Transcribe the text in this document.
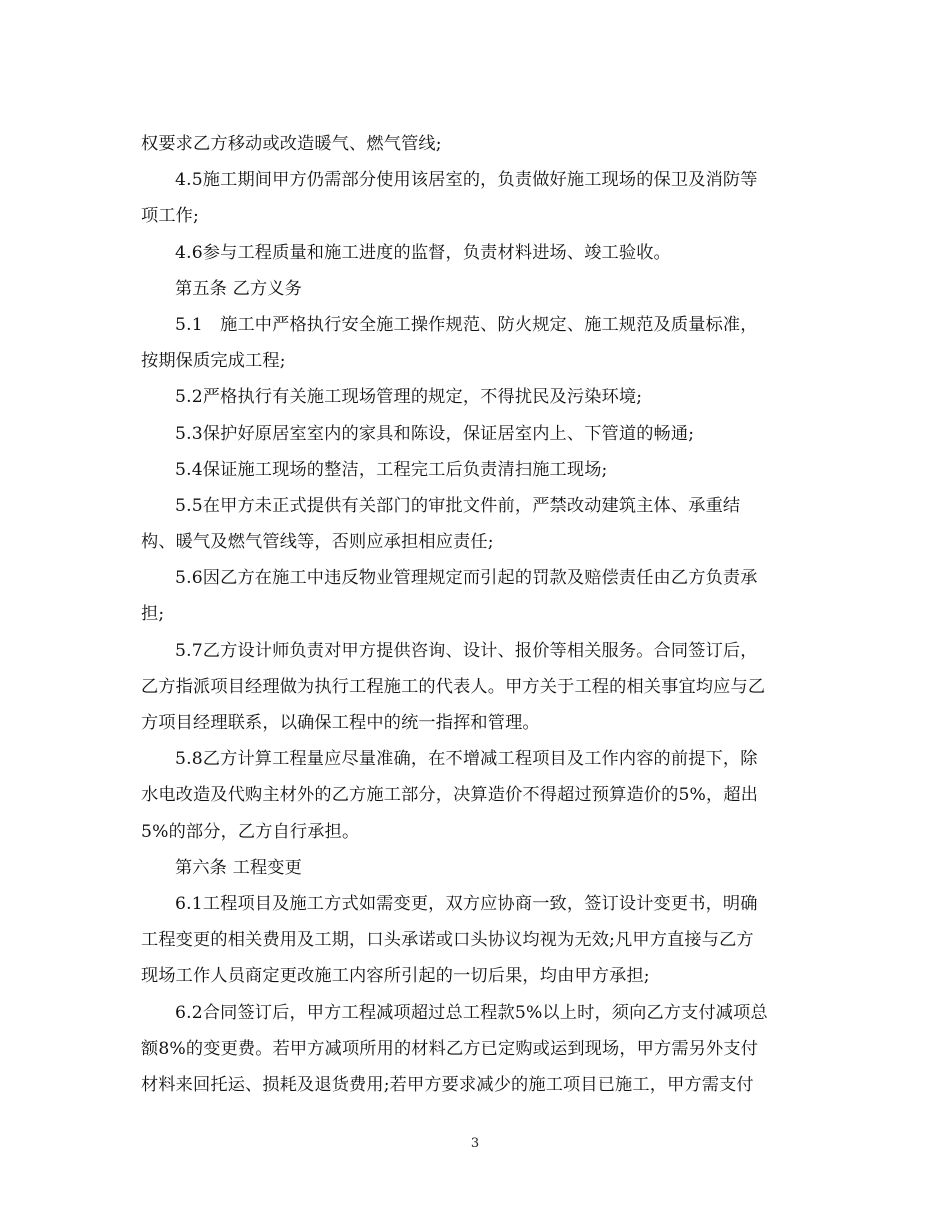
权要求乙方移动或改造暖气、燃气管线;
4.5施工期间甲方仍需部分使用该居室的，负责做好施工现场的保卫及消防等
项工作;
4.6参与工程质量和施工进度的监督，负责材料进场、竣工验收。
第五条 乙方义务
5.1　施工中严格执行安全施工操作规范、防火规定、施工规范及质量标准，
按期保质完成工程;
5.2严格执行有关施工现场管理的规定，不得扰民及污染环境;
5.3保护好原居室室内的家具和陈设，保证居室内上、下管道的畅通;
5.4保证施工现场的整洁，工程完工后负责清扫施工现场;
5.5在甲方未正式提供有关部门的审批文件前，严禁改动建筑主体、承重结
构、暖气及燃气管线等，否则应承担相应责任;
5.6因乙方在施工中违反物业管理规定而引起的罚款及赔偿责任由乙方负责承
担;
5.7乙方设计师负责对甲方提供咨询、设计、报价等相关服务。合同签订后，
乙方指派项目经理做为执行工程施工的代表人。甲方关于工程的相关事宜均应与乙
方项目经理联系，以确保工程中的统一指挥和管理。
5.8乙方计算工程量应尽量准确，在不增减工程项目及工作内容的前提下，除
水电改造及代购主材外的乙方施工部分，决算造价不得超过预算造价的5%，超出
5%的部分，乙方自行承担。
第六条 工程变更
6.1工程项目及施工方式如需变更，双方应协商一致，签订设计变更书，明确
工程变更的相关费用及工期，口头承诺或口头协议均视为无效;凡甲方直接与乙方
现场工作人员商定更改施工内容所引起的一切后果，均由甲方承担;
6.2合同签订后，甲方工程减项超过总工程款5%以上时，须向乙方支付减项总
额8%的变更费。若甲方减项所用的材料乙方已定购或运到现场，甲方需另外支付
材料来回托运、损耗及退货费用;若甲方要求减少的施工项目已施工，甲方需支付
3
